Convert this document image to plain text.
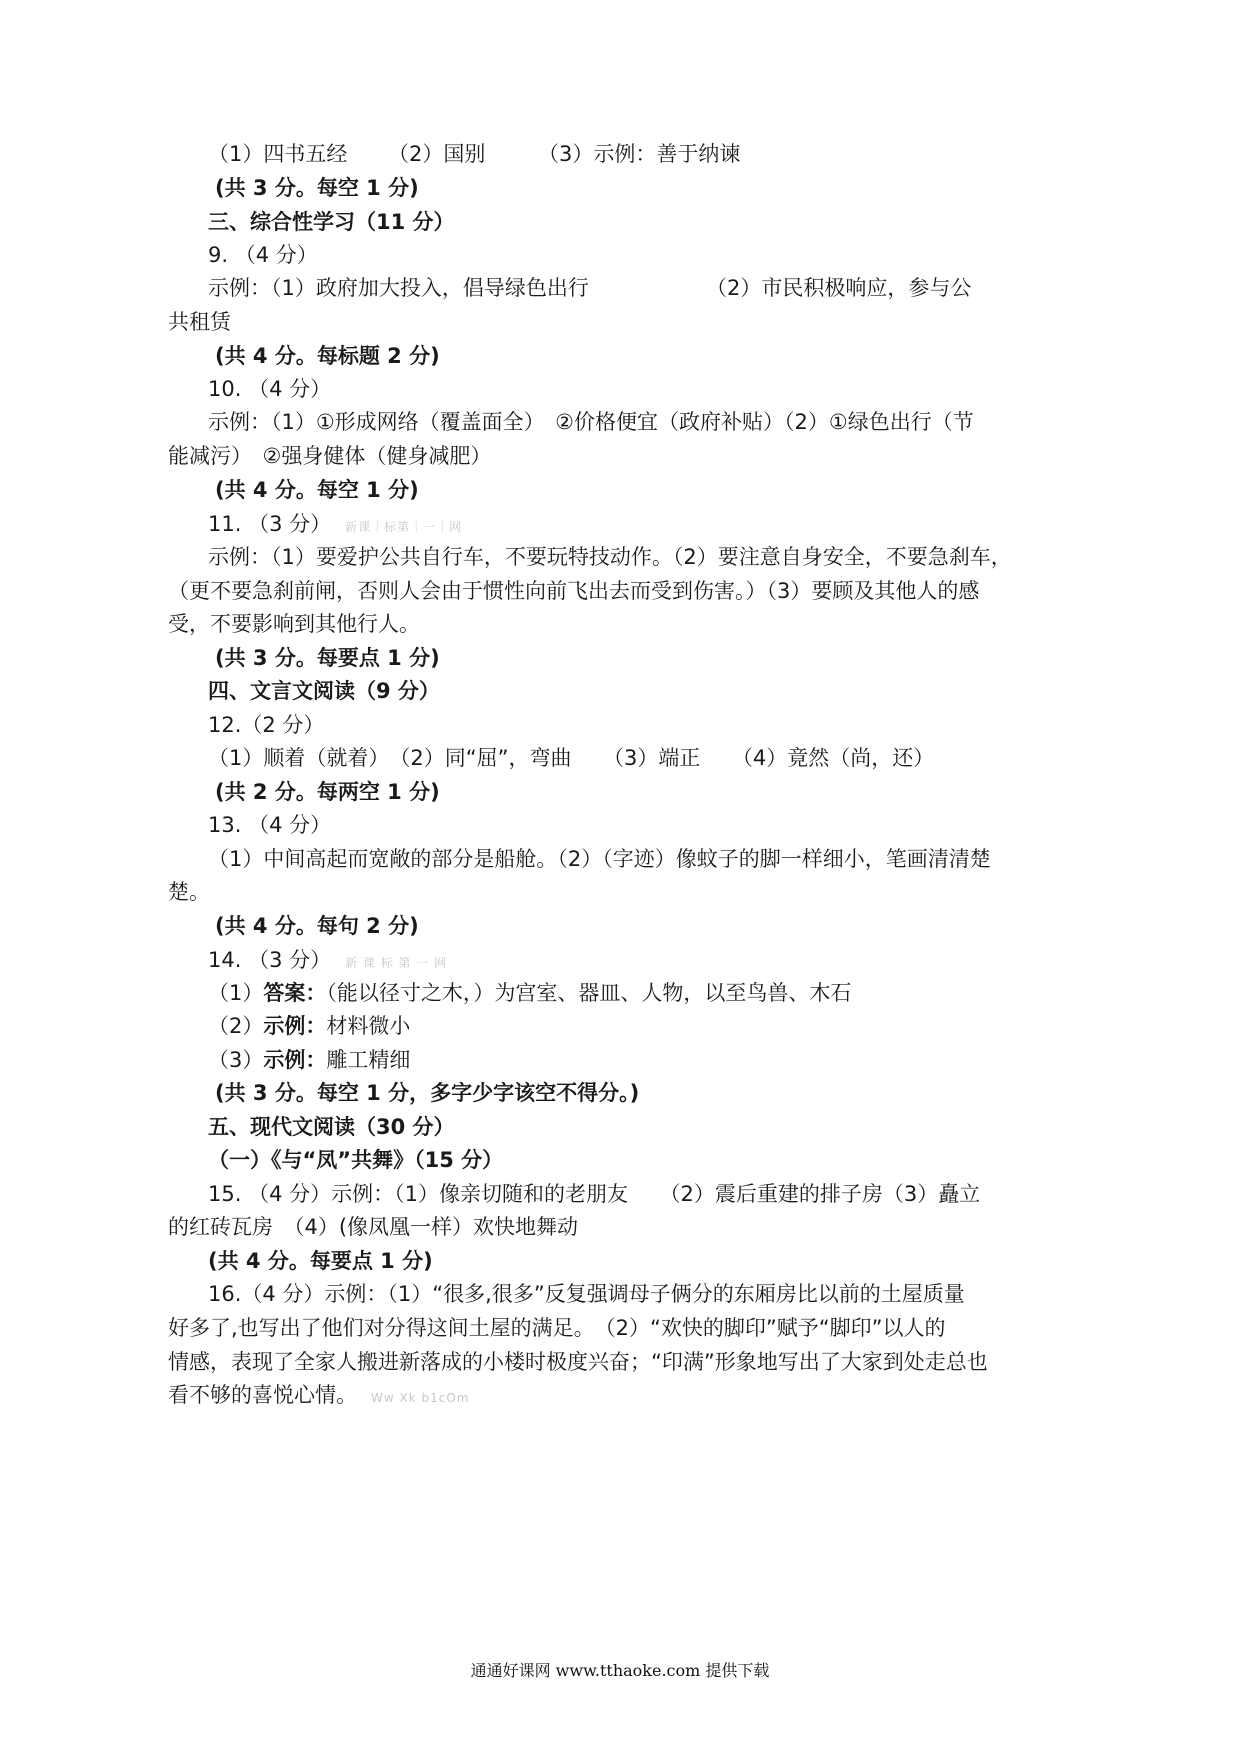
（1）四书五经 （2）国别	（3）示例：善于纳谏
(共 3 分。每空 1 分)
三、综合性学习（11 分）
9. （4 分）
示例：（1）政府加大投入，倡导绿色出行	（2）市民积极响应，参与公
共租赁
(共 4 分。每标题 2 分)
10. （4 分）
示例：（1）①形成网络（覆盖面全）　②价格便宜（政府补贴）（2）①绿色出行（节
能减污）　②强身健体（健身减肥）
(共 4 分。每空 1 分)
11. （3 分） 新课｜标第｜一｜网
示例：（1）要爱护公共自行车，不要玩特技动作。（2）要注意自身安全，不要急刹车，
（更不要急刹前闸，否则人会由于惯性向前飞出去而受到伤害。）（3）要顾及其他人的感
受，不要影响到其他行人。
(共 3 分。每要点 1 分)
四、文言文阅读（9 分）
12.（2 分）
（1）顺着（就着）　（2）同“屈”，弯曲　　（3）端正　　（4）竟然（尚，还）
(共 2 分。每两空 1 分)
13. （4 分）
（1）中间高起而宽敞的部分是船舱。（2）（字迹）像蚊子的脚一样细小，笔画清清楚
楚。
(共 4 分。每句 2 分)
14. （3 分） 新 课 标 第 一 网
（1）答案：（能以径寸之木，）为宫室、器皿、人物，以至鸟兽、木石
（2）示例：材料微小
（3）示例：雕工精细
(共 3 分。每空 1 分，多字少字该空不得分。)
五、现代文阅读（30 分）
（一）《与“凤”共舞》（15 分）
15. （4 分）示例：（1）像亲切随和的老朋友　　（2）震后重建的排子房（3）矗立
的红砖瓦房　（4）(像凤凰一样）欢快地舞动
(共 4 分。每要点 1 分)
16.（4 分）示例：（1）“很多,很多”反复强调母子俩分的东厢房比以前的土屋质量
好多了,也写出了他们对分得这间土屋的满足。　（2）“欢快的脚印”赋予“脚印”以人的
情感，表现了全家人搬进新落成的小楼时极度兴奋；“印满”形象地写出了大家到处走总也
看不够的喜悦心情。 Ww Xk b1cOm
通通好课网 www.tthaoke.com 提供下载
